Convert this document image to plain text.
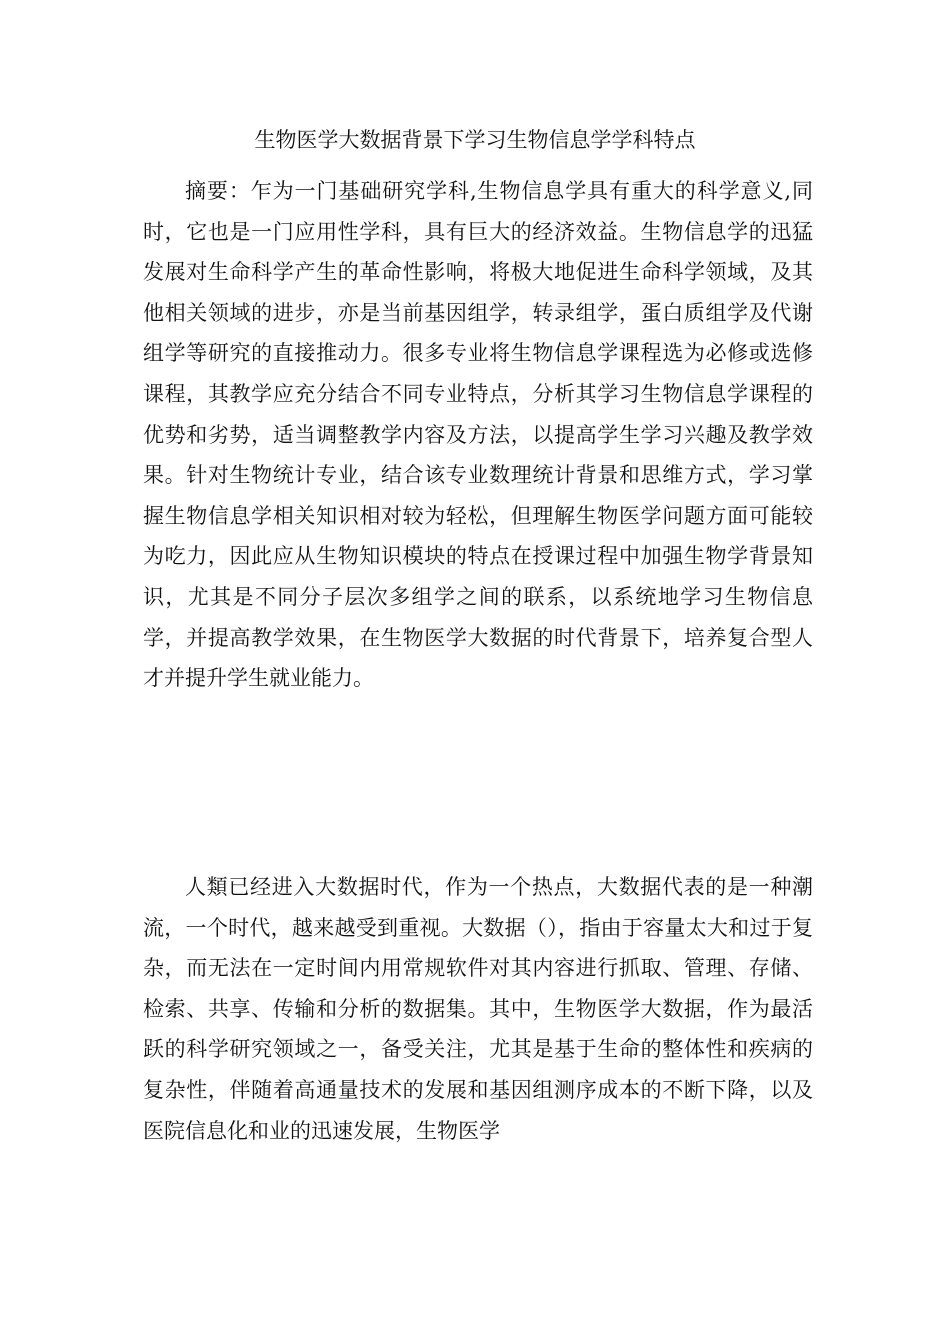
生物医学大数据背景下学习生物信息学学科特点

摘要：乍为一门基础研究学科,生物信息学具有重大的科学意义,同时，它也是一门应用性学科，具有巨大的经济效益。生物信息学的迅猛发展对生命科学产生的革命性影响，将极大地促进生命科学领域，及其他相关领域的进步，亦是当前基因组学，转录组学，蛋白质组学及代谢组学等研究的直接推动力。很多专业将生物信息学课程选为必修或选修课程，其教学应充分结合不同专业特点，分析其学习生物信息学课程的优势和劣势，适当调整教学内容及方法，以提高学生学习兴趣及教学效果。针对生物统计专业，结合该专业数理统计背景和思维方式，学习掌握生物信息学相关知识相对较为轻松，但理解生物医学问题方面可能较为吃力，因此应从生物知识模块的特点在授课过程中加强生物学背景知识，尤其是不同分子层次多组学之间的联系，以系统地学习生物信息学，并提高教学效果，在生物医学大数据的时代背景下，培养复合型人才并提升学生就业能力。

人類已经进入大数据时代，作为一个热点，大数据代表的是一种潮流，一个时代，越来越受到重视。大数据（），指由于容量太大和过于复杂，而无法在一定时间内用常规软件对其内容进行抓取、管理、存储、检索、共享、传输和分析的数据集。其中，生物医学大数据，作为最活跃的科学研究领域之一，备受关注，尤其是基于生命的整体性和疾病的复杂性，伴随着高通量技术的发展和基因组测序成本的不断下降，以及医院信息化和业的迅速发展，生物医学
